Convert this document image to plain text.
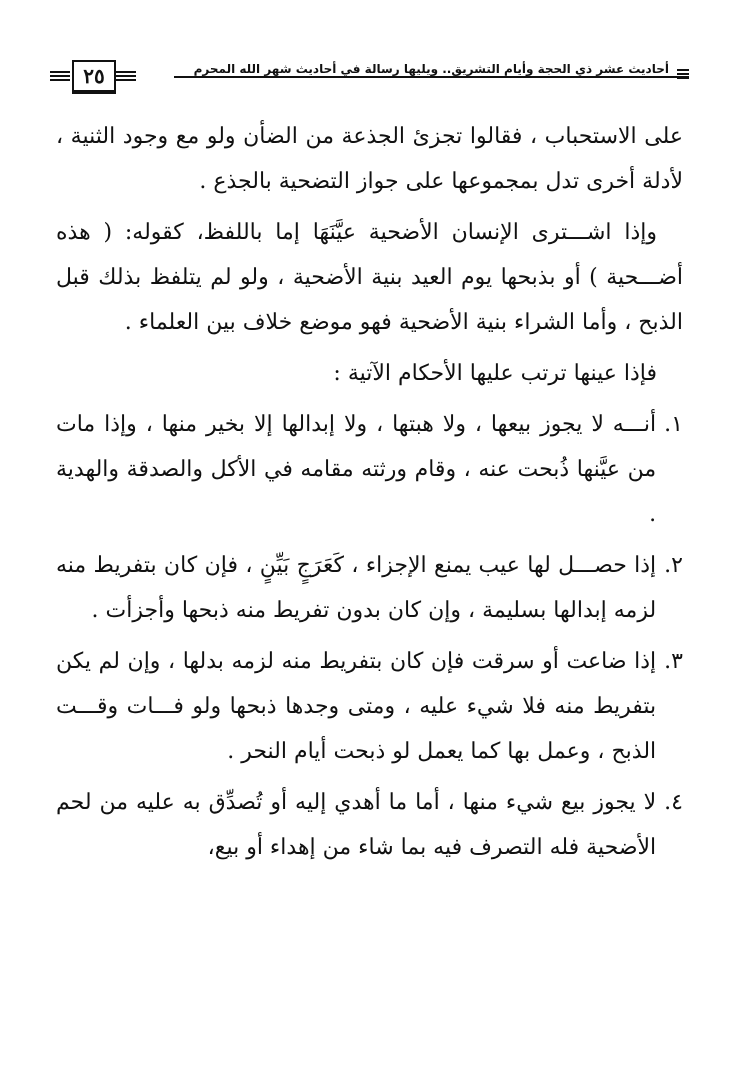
أحاديث عشر ذي الحجة وأيام التشريق.. ويليها رسالة في أحاديث شهر الله المحرم
٢٥

على الاستحباب ، فقالوا تجزئ الجذعة من الضأن ولو مع وجود الثنية ، لأدلة أخرى تدل بمجموعها على جواز التضحية بالجذع .

وإذا اشـــترى الإنسان الأضحية عيَّنَهَا إما باللفظ، كقوله: ( هذه أضـــحية ) أو بذبحها يوم العيد بنية الأضحية ، ولو لم يتلفظ بذلك قبل الذبح ، وأما الشراء بنية الأضحية فهو موضع خلاف بين العلماء .

فإذا عينها ترتب عليها الأحكام الآتية :

١.
أنـــه لا يجوز بيعها ، ولا هبتها ، ولا إبدالها إلا بخير منها ، وإذا مات من عيَّنها ذُبحت عنه ، وقام ورثته مقامه في الأكل والصدقة والهدية .
٢.
إذا حصـــل لها عيب يمنع الإجزاء ، كَعَرَجٍ بَيِّنٍ ، فإن كان بتفريط منه لزمه إبدالها بسليمة ، وإن كان بدون تفريط منه ذبحها وأجزأت .
٣.
إذا ضاعت أو سرقت فإن كان بتفريط منه لزمه بدلها ، وإن لم يكن بتفريط منه فلا شيء عليه ، ومتى وجدها ذبحها ولو فـــات وقـــت الذبح ، وعمل بها كما يعمل لو ذبحت أيام النحر .
٤.
لا يجوز بيع شيء منها ، أما ما أهدي إليه أو تُصدِّق به عليه من لحم الأضحية فله التصرف فيه بما شاء من إهداء أو بيع،
